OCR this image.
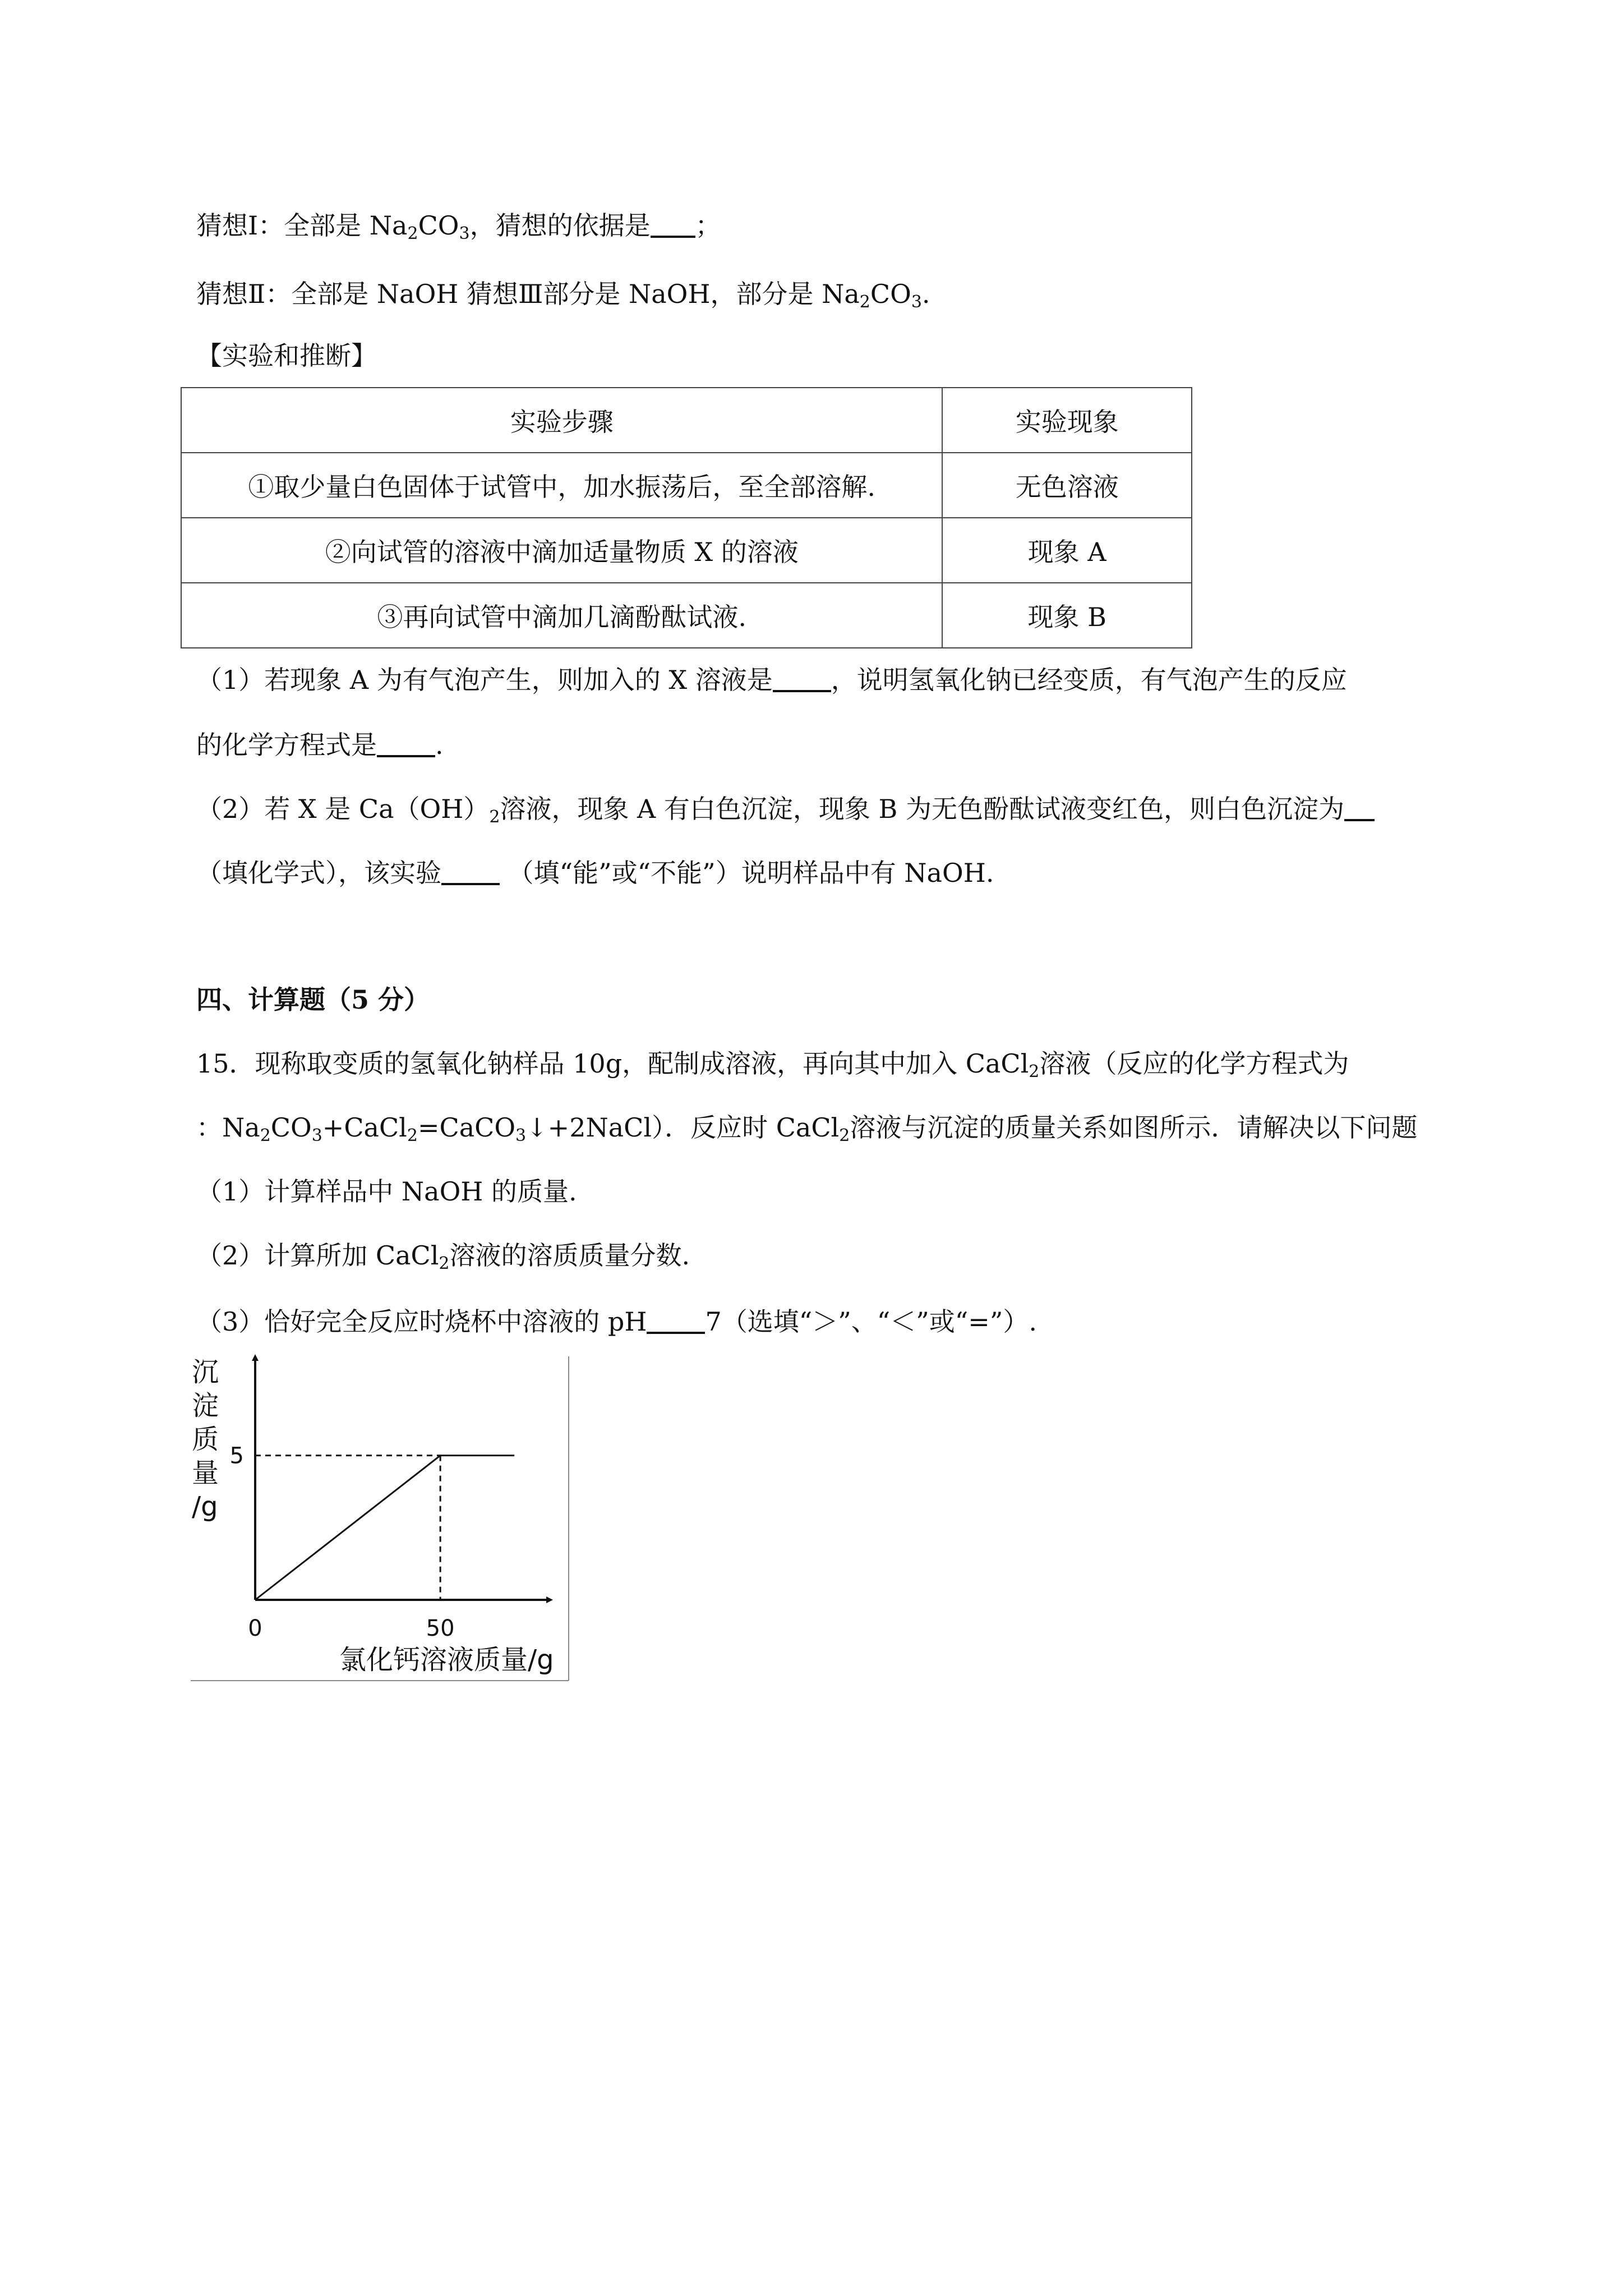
猜想Ⅰ：全部是 $Na_2CO_3$，猜想的依据是 ；
猜想Ⅱ：全部是 NaOH 猜想Ⅲ部分是 NaOH，部分是 $Na_2CO_3$.
【实验和推断】
实验步骤	实验现象
①取少量白色固体于试管中，加水振荡后，至全部溶解.	无色溶液
②向试管的溶液中滴加适量物质 X 的溶液	现象 A
③再向试管中滴加几滴酚酞试液.	现象 B
（1）若现象 A 为有气泡产生，则加入的 X 溶液是 ，说明氢氧化钠已经变质，有气泡产生的反应
的化学方程式是 .
（2）若 X 是 $Ca(OH)_2$溶液，现象 A 有白色沉淀，现象 B 为无色酚酞试液变红色，则白色沉淀为
（填化学式），该实验 （填“能”或“不能”）说明样品中有 NaOH.
四、计算题（5 分）
15．现称取变质的氢氧化钠样品 10g，配制成溶液，再向其中加入 CaCl$_2$溶液（反应的化学方程式为
：$Na_2CO_3+CaCl_2=CaCO_3↓+2NaCl$）．反应时 CaCl$_2$溶液与沉淀的质量关系如图所示．请解决以下问题
（1）计算样品中 NaOH 的质量.
（2）计算所加 CaCl$_2$溶液的溶质质量分数.
（3）恰好完全反应时烧杯中溶液的 pH 7（选填“＞”、“＜”或“=”）.
5
0	50
氯化钙溶液质量/g
沉
淀
质
量
/g
